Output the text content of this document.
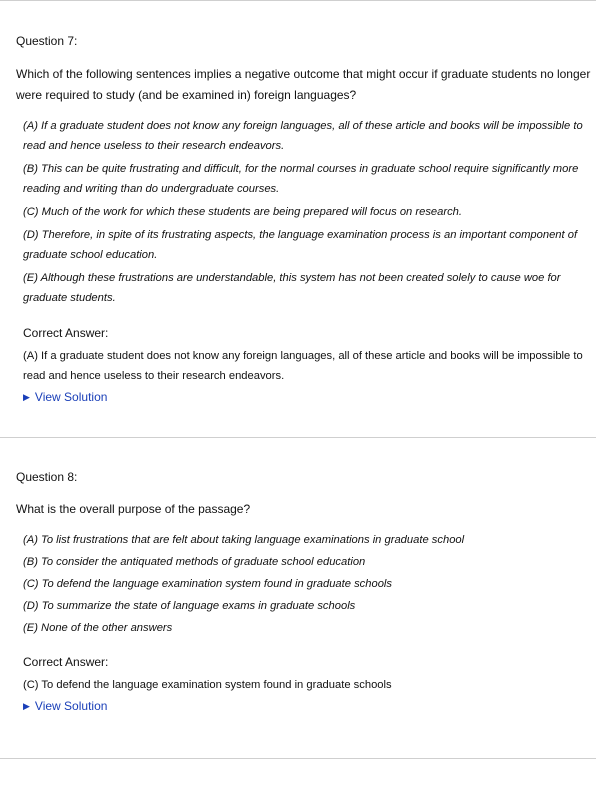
Question 7:

Which of the following sentences implies a negative outcome that might occur if graduate students no longer were required to study (and be examined in) foreign languages?

(A) If a graduate student does not know any foreign languages, all of these article and books will be impossible to read and hence useless to their research endeavors.
(B) This can be quite frustrating and difficult, for the normal courses in graduate school require significantly more reading and writing than do undergraduate courses.
(C) Much of the work for which these students are being prepared will focus on research.
(D) Therefore, in spite of its frustrating aspects, the language examination process is an important component of graduate school education.
(E) Although these frustrations are understandable, this system has not been created solely to cause woe for graduate students.

Correct Answer:

(A) If a graduate student does not know any foreign languages, all of these article and books will be impossible to read and hence useless to their research endeavors.

▶ View Solution

Question 8:

What is the overall purpose of the passage?

(A) To list frustrations that are felt about taking language examinations in graduate school
(B) To consider the antiquated methods of graduate school education
(C) To defend the language examination system found in graduate schools
(D) To summarize the state of language exams in graduate schools
(E) None of the other answers

Correct Answer:

(C) To defend the language examination system found in graduate schools

▶ View Solution
